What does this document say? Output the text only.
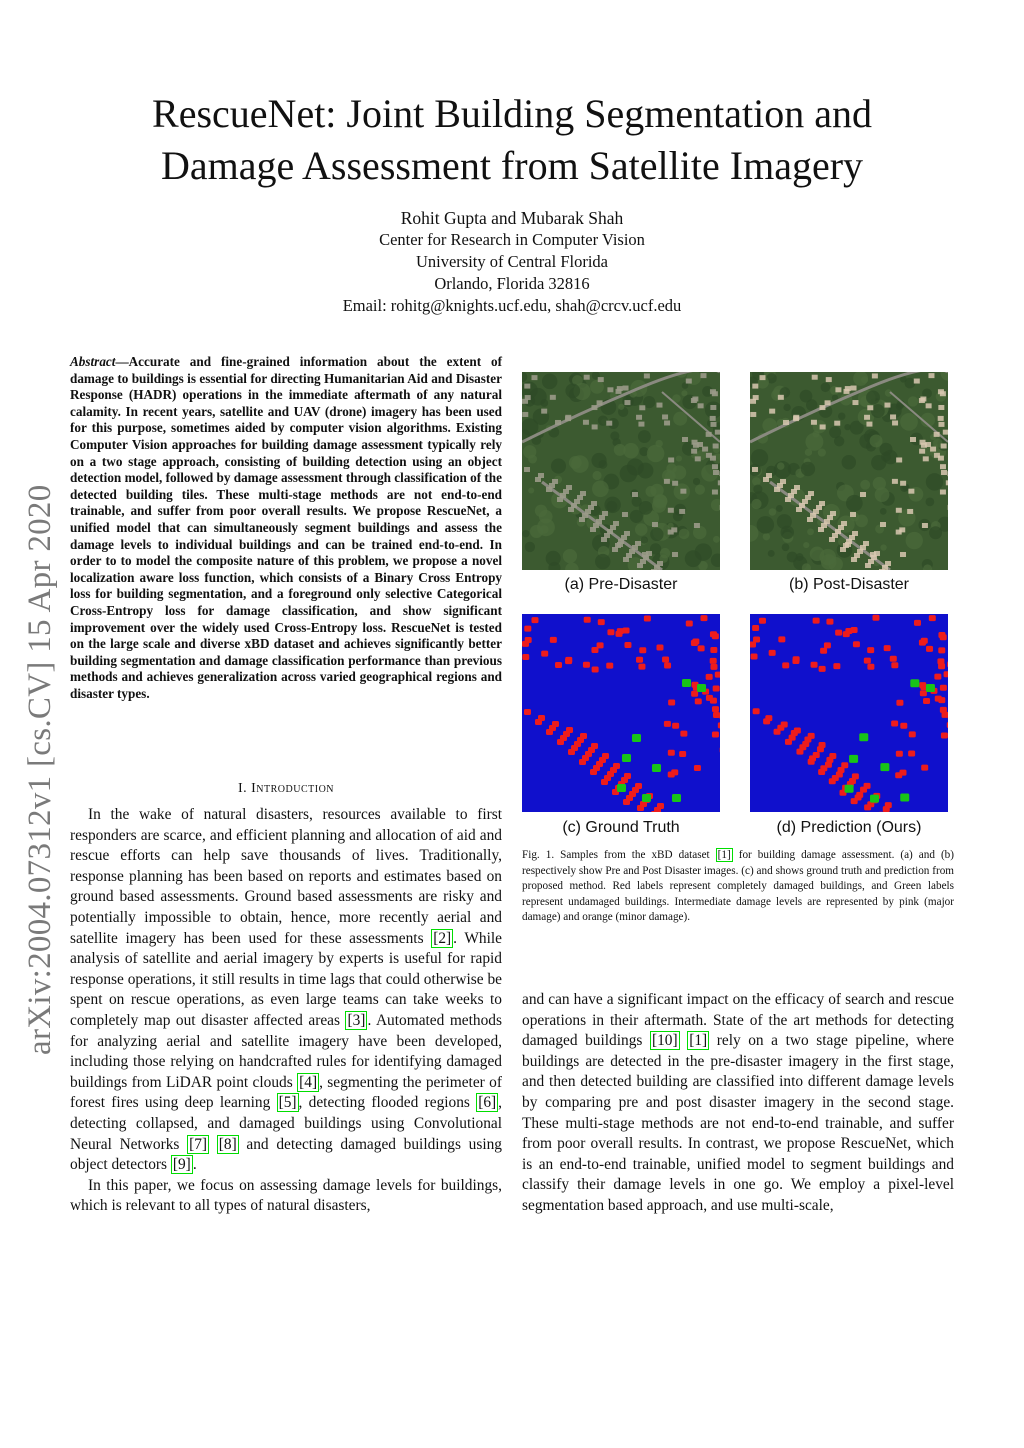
arXiv:2004.07312v1 [cs.CV] 15 Apr 2020
RescueNet: Joint Building Segmentation and
Damage Assessment from Satellite Imagery
Rohit Gupta and Mubarak Shah
Center for Research in Computer Vision
University of Central Florida
Orlando, Florida 32816
Email: rohitg@knights.ucf.edu, shah@crcv.ucf.edu
Abstract—Accurate and fine-grained information about the extent of damage to buildings is essential for directing Humanitarian Aid and Disaster Response (HADR) operations in the immediate aftermath of any natural calamity. In recent years, satellite and UAV (drone) imagery has been used for this purpose, sometimes aided by computer vision algorithms. Existing Computer Vision approaches for building damage assessment typically rely on a two stage approach, consisting of building detection using an object detection model, followed by damage assessment through classification of the detected building tiles. These multi-stage methods are not end-to-end trainable, and suffer from poor overall results. We propose RescueNet, a unified model that can simultaneously segment buildings and assess the damage levels to individual buildings and can be trained end-to-end. In order to to model the composite nature of this problem, we propose a novel localization aware loss function, which consists of a Binary Cross Entropy loss for building segmentation, and a foreground only selective Categorical Cross-Entropy loss for damage classification, and show significant improvement over the widely used Cross-Entropy loss. RescueNet is tested on the large scale and diverse xBD dataset and achieves significantly better building segmentation and damage classification performance than previous methods and achieves generalization across varied geographical regions and disaster types.
I. Introduction

In the wake of natural disasters, resources available to first responders are scarce, and efficient planning and allocation of aid and rescue efforts can help save thousands of lives. Traditionally, response planning has been based on reports and estimates based on ground based assessments. Ground based assessments are risky and potentially impossible to obtain, hence, more recently aerial and satellite imagery has been used for these assessments [2] . While analysis of satellite and aerial imagery by experts is useful for rapid response operations, it still results in time lags that could otherwise be spent on rescue operations, as even large teams can take weeks to completely map out disaster affected areas [3] . Automated methods for analyzing aerial and satellite imagery have been developed, including those relying on handcrafted rules for identifying damaged buildings from LiDAR point clouds [4] , segmenting the perimeter of forest fires using deep learning [5] , detecting flooded regions [6] , detecting collapsed, and damaged buildings using Convolutional Neural Networks [7] [8] and detecting damaged buildings using object detectors [9] .

In this paper, we focus on assessing damage levels for buildings, which is relevant to all types of natural disasters,

and can have a significant impact on the efficacy of search and rescue operations in their aftermath. State of the art methods for detecting damaged buildings [10] [1] rely on a two stage pipeline, where buildings are detected in the pre-disaster imagery in the first stage, and then detected building are classified into different damage levels by comparing pre and post disaster imagery in the second stage. These multi-stage methods are not end-to-end trainable, and suffer from poor overall results. In contrast, we propose RescueNet, which is an end-to-end trainable, unified model to segment buildings and classify their damage levels in one go. We employ a pixel-level segmentation based approach, and use multi-scale,

(a) Pre-Disaster	(b) Post-Disaster
(c) Ground Truth	(d) Prediction (Ours)
Fig. 1. Samples from the xBD dataset [1] for building damage assessment. (a) and (b) respectively show Pre and Post Disaster images. (c) and shows ground truth and prediction from proposed method. Red labels represent completely damaged buildings, and Green labels represent undamaged buildings. Intermediate damage levels are represented by pink (major damage) and orange (minor damage).
